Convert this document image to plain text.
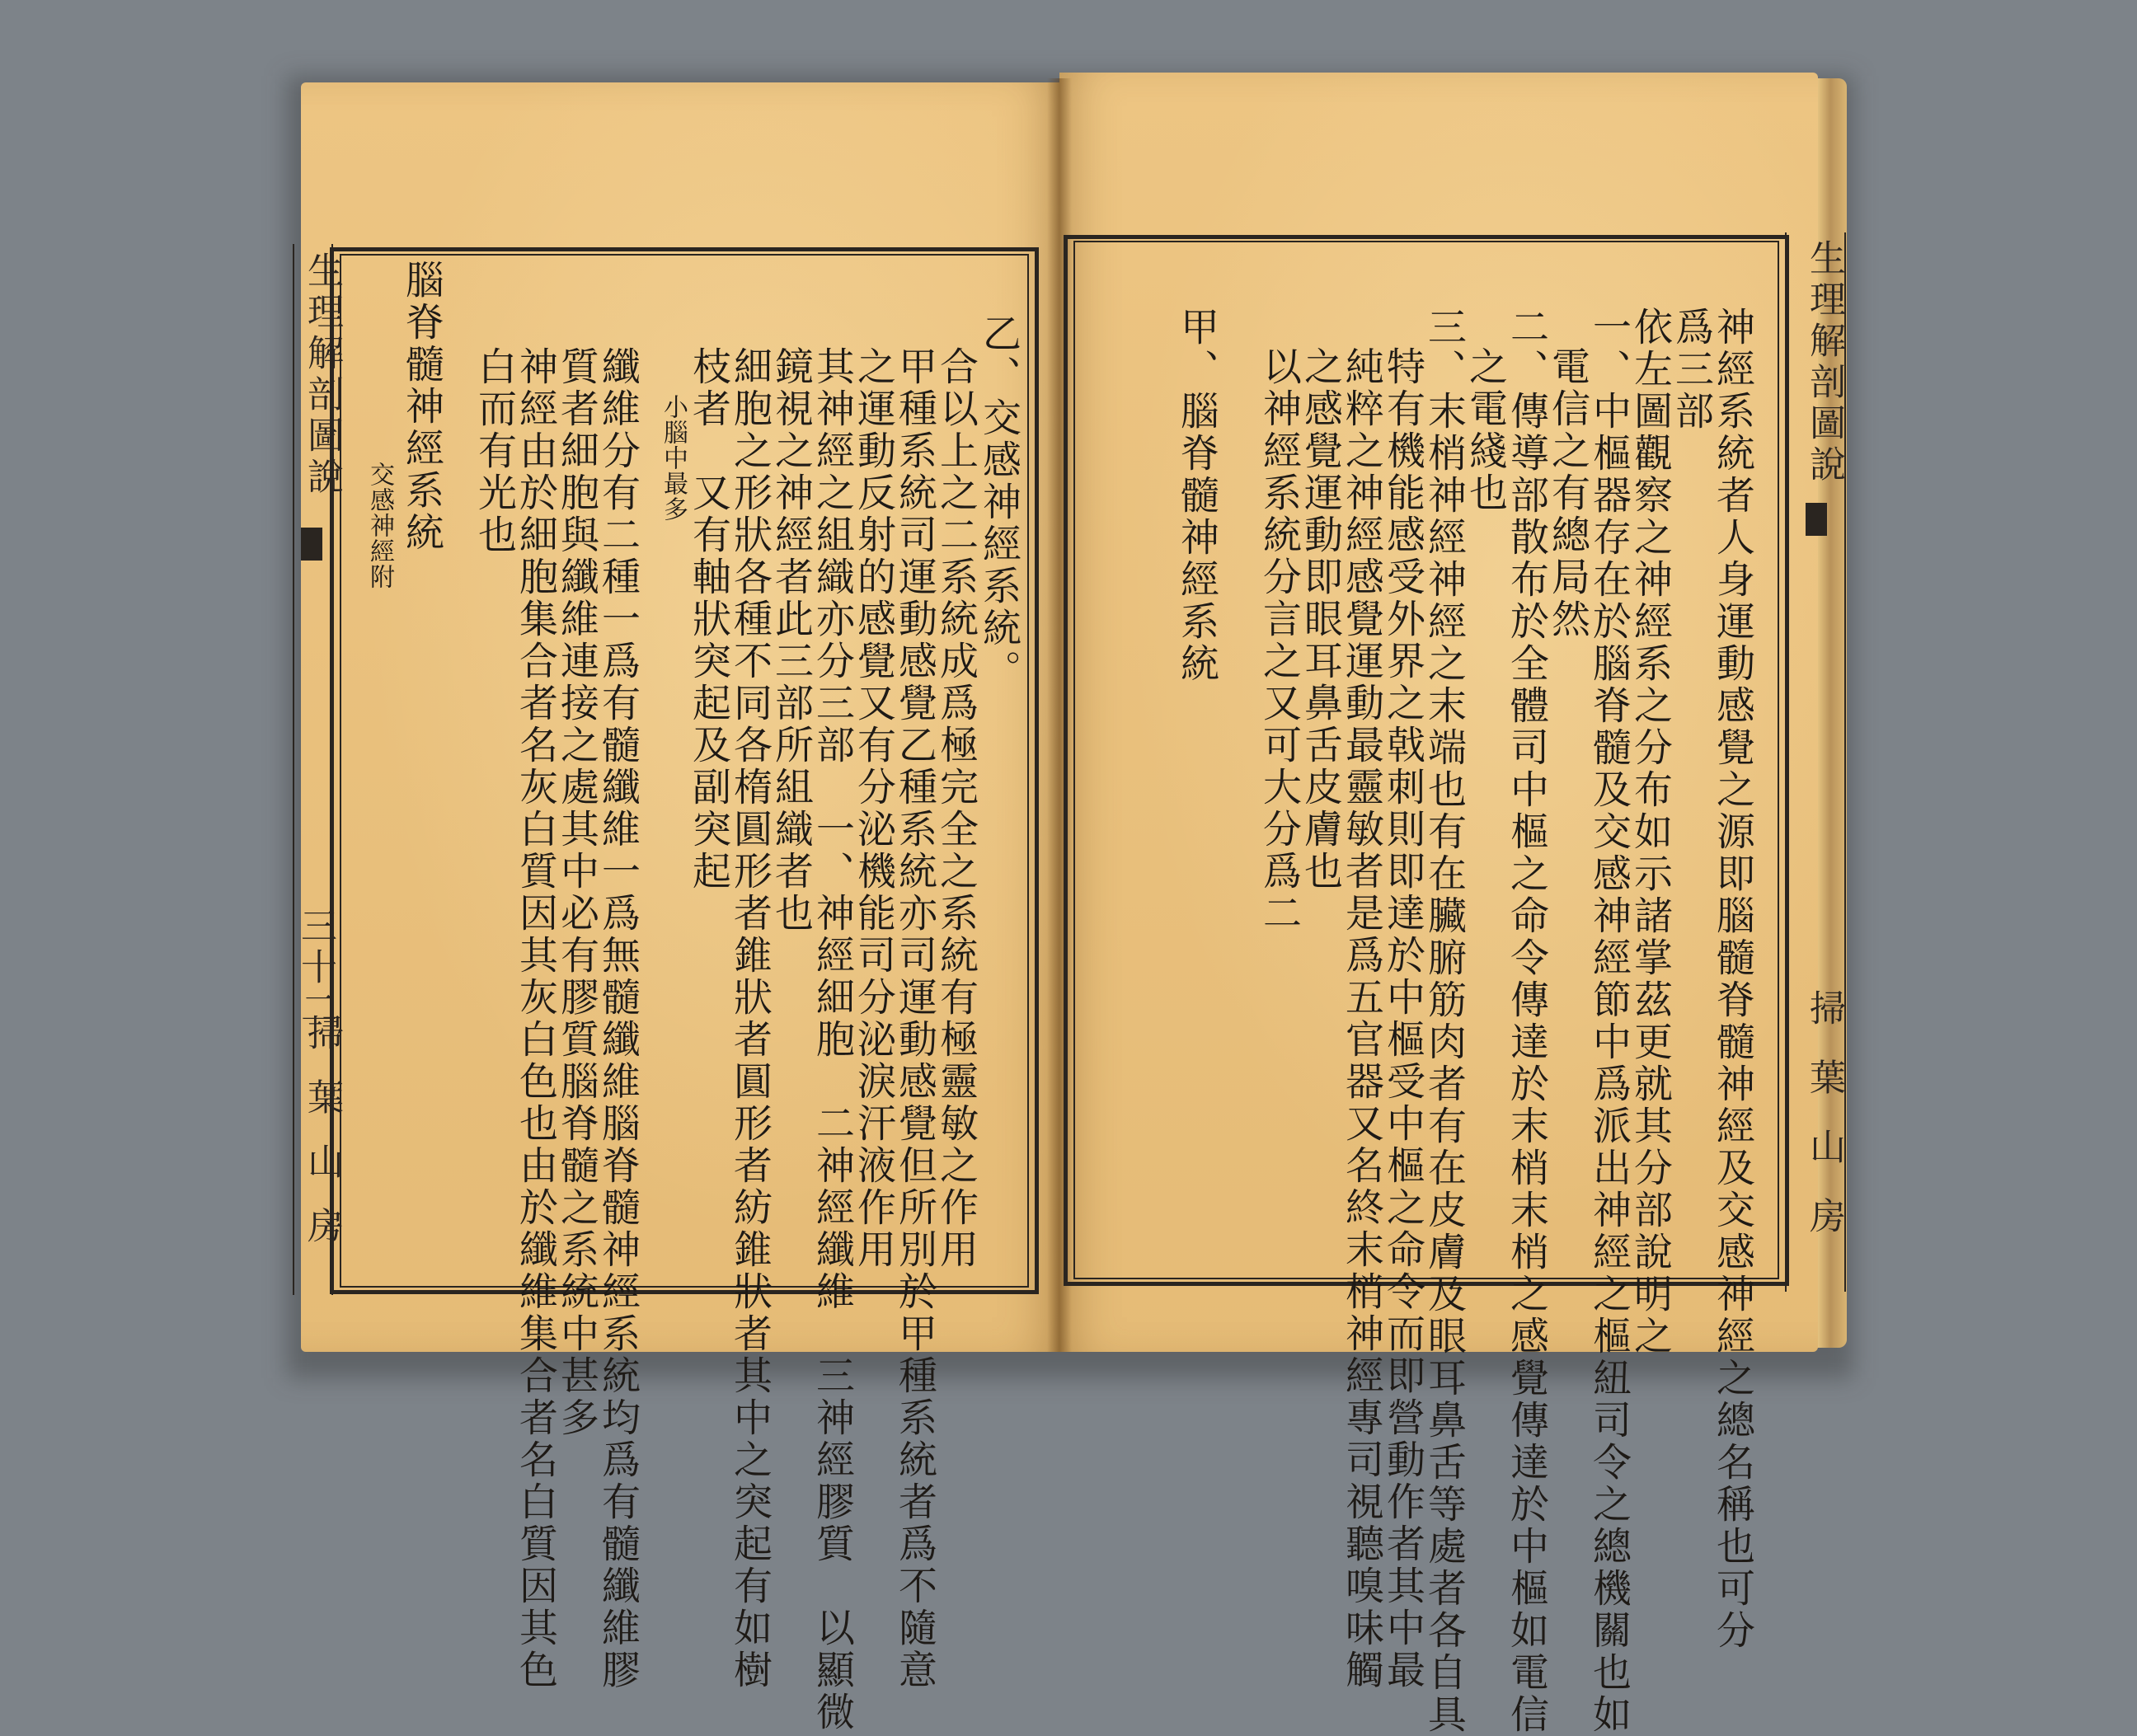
生理解剖圖說
三十二
掃葉山房
生理解剖圖說
掃葉山房
乙、交感神經系統。
合以上之二系統成爲極完全之系統有極靈敏之作用
甲種系統司運動感覺乙種系統亦司運動感覺但所別於甲種系統者爲不隨意
之運動反射的感覺又有分泌機能司分泌淚汗液作用
其神經之組織亦分三部　一、神經細胞　二神經纖維　三神經膠質　以顯微
鏡視之神經者此三部所組織者也
細胞之形狀各種不同各楕圓形者錐狀者圓形者紡錐狀者其中之突起有如樹
枝者　又有軸狀突起及副突起
小腦中最多
纖維分有二種一爲有髓纖維一爲無髓纖維腦脊髓神經系統均爲有髓纖維膠
質者細胞與纖維連接之處其中必有膠質腦脊髓之系統中甚多
神經由於細胞集合者名灰白質因其灰白色也由於纖維集合者名白質因其色
白而有光也
腦脊髓神經系統
交感神經附	神經系統者人身運動感覺之源即腦髓脊髓神經及交感神經之總名稱也可分
爲三部
依左圖觀察之神經系之分布如示諸掌茲更就其分部說明之
一、中樞器存在於腦脊髓及交感神經節中爲派出神經之樞紐司令之總機關也如
電信之有總局然
二、傳導部散布於全體司中樞之命令傳達於末梢末梢之感覺傳達於中樞如電信
之電綫也
三、末梢神經神經之末端也有在臟腑筋肉者有在皮膚及眼耳鼻舌等處者各自具
特有機能感受外界之戟刺則即達於中樞受中樞之命令而即營動作者其中最
純粹之神經感覺運動最靈敏者是爲五官器又名終末梢神經專司視聽嗅味觸
之感覺運動即眼耳鼻舌皮膚也
以神經系統分言之又可大分爲二
甲、腦脊髓神經系統
